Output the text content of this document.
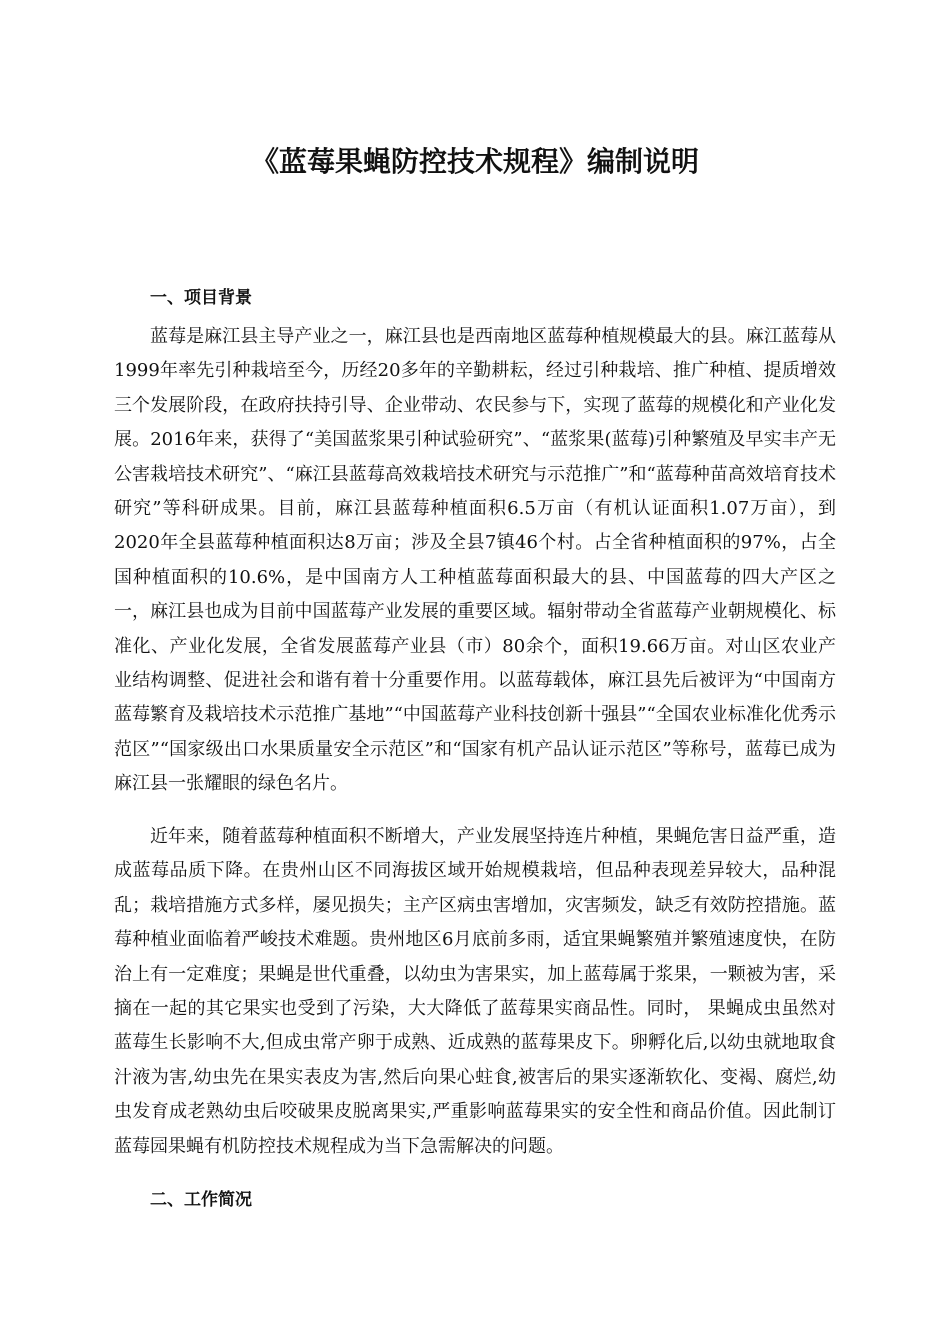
《蓝莓果蝇防控技术规程》编制说明
一、项目背景

蓝莓是麻江县主导产业之一，麻江县也是西南地区蓝莓种植规模最大的县。麻江蓝莓从1999年率先引种栽培至今，历经20多年的辛勤耕耘，经过引种栽培、推广种植、提质增效三个发展阶段，在政府扶持引导、企业带动、农民参与下，实现了蓝莓的规模化和产业化发展。2016年来，获得了“美国蓝浆果引种试验研究”、“蓝浆果(蓝莓)引种繁殖及早实丰产无公害栽培技术研究”、“麻江县蓝莓高效栽培技术研究与示范推广”和“蓝莓种苗高效培育技术研究”等科研成果。目前，麻江县蓝莓种植面积6.5万亩（有机认证面积1.07万亩），到2020年全县蓝莓种植面积达8万亩；涉及全县7镇46个村。占全省种植面积的97%，占全国种植面积的10.6%，是中国南方人工种植蓝莓面积最大的县、中国蓝莓的四大产区之一，麻江县也成为目前中国蓝莓产业发展的重要区域。辐射带动全省蓝莓产业朝规模化、标准化、产业化发展，全省发展蓝莓产业县（市）80余个，面积19.66万亩。对山区农业产业结构调整、促进社会和谐有着十分重要作用。以蓝莓载体，麻江县先后被评为“中国南方蓝莓繁育及栽培技术示范推广基地”“中国蓝莓产业科技创新十强县”“全国农业标准化优秀示范区”“国家级出口水果质量安全示范区”和“国家有机产品认证示范区”等称号，蓝莓已成为麻江县一张耀眼的绿色名片。

近年来，随着蓝莓种植面积不断增大，产业发展坚持连片种植，果蝇危害日益严重，造成蓝莓品质下降。在贵州山区不同海拔区域开始规模栽培，但品种表现差异较大，品种混乱；栽培措施方式多样，屡见损失；主产区病虫害增加，灾害频发，缺乏有效防控措施。蓝莓种植业面临着严峻技术难题。贵州地区6月底前多雨，适宜果蝇繁殖并繁殖速度快，在防治上有一定难度；果蝇是世代重叠，以幼虫为害果实，加上蓝莓属于浆果，一颗被为害，采摘在一起的其它果实也受到了污染，大大降低了蓝莓果实商品性。同时， 果蝇成虫虽然对蓝莓生长影响不大,但成虫常产卵于成熟、近成熟的蓝莓果皮下。卵孵化后,以幼虫就地取食汁液为害,幼虫先在果实表皮为害,然后向果心蛀食,被害后的果实逐渐软化、变褐、腐烂,幼虫发育成老熟幼虫后咬破果皮脱离果实,严重影响蓝莓果实的安全性和商品价值。因此制订蓝莓园果蝇有机防控技术规程成为当下急需解决的问题。

二、工作简况
